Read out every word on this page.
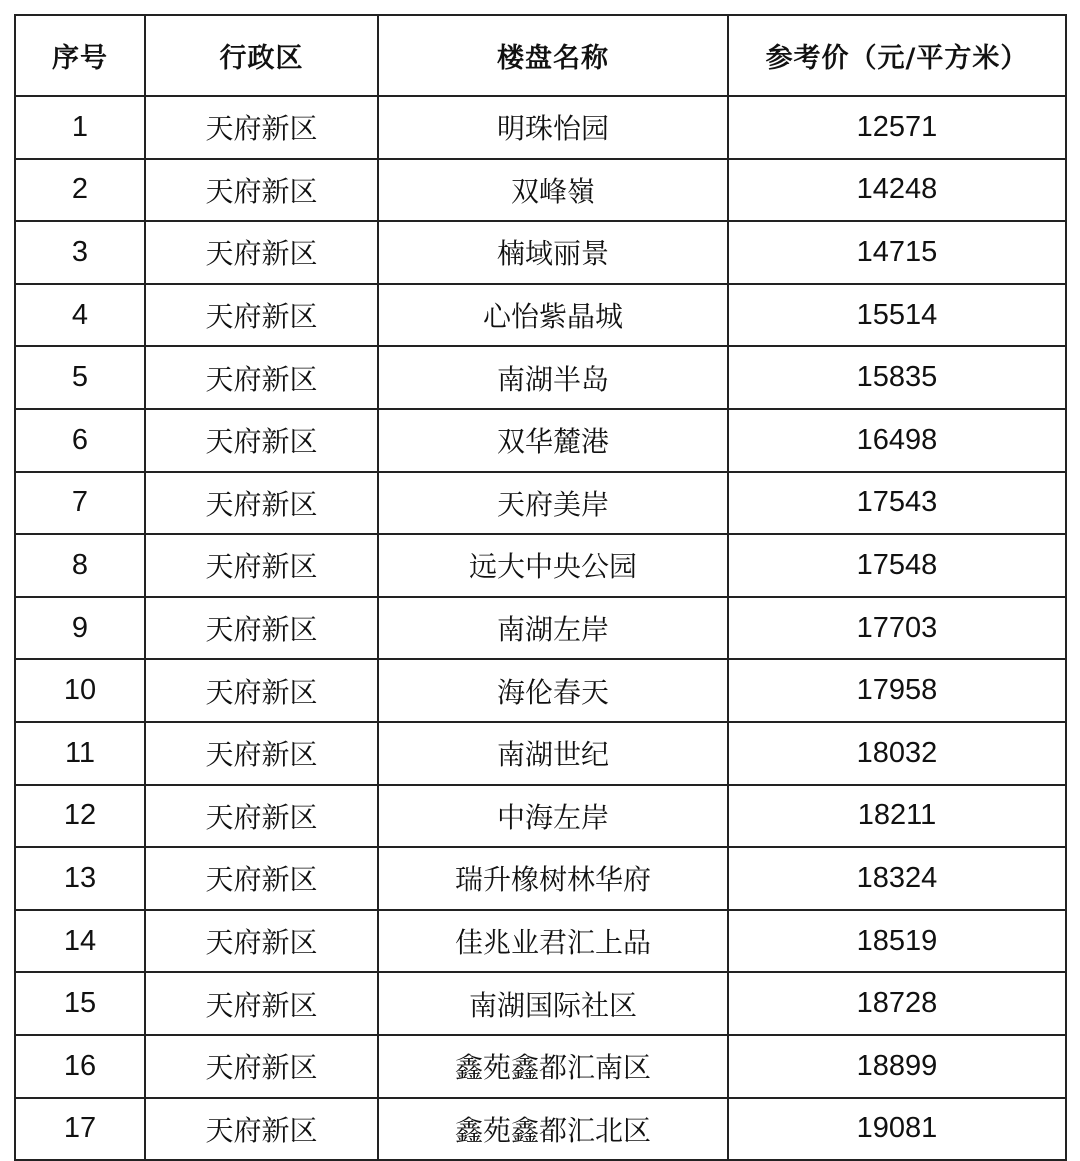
序号	行政区	楼盘名称	参考价（元/平方米）
1	天府新区	明珠怡园	12571
2	天府新区	双峰嶺	14248
3	天府新区	楠域丽景	14715
4	天府新区	心怡紫晶城	15514
5	天府新区	南湖半岛	15835
6	天府新区	双华麓港	16498
7	天府新区	天府美岸	17543
8	天府新区	远大中央公园	17548
9	天府新区	南湖左岸	17703
10	天府新区	海伦春天	17958
11	天府新区	南湖世纪	18032
12	天府新区	中海左岸	18211
13	天府新区	瑞升橡树林华府	18324
14	天府新区	佳兆业君汇上品	18519
15	天府新区	南湖国际社区	18728
16	天府新区	鑫苑鑫都汇南区	18899
17	天府新区	鑫苑鑫都汇北区	19081
